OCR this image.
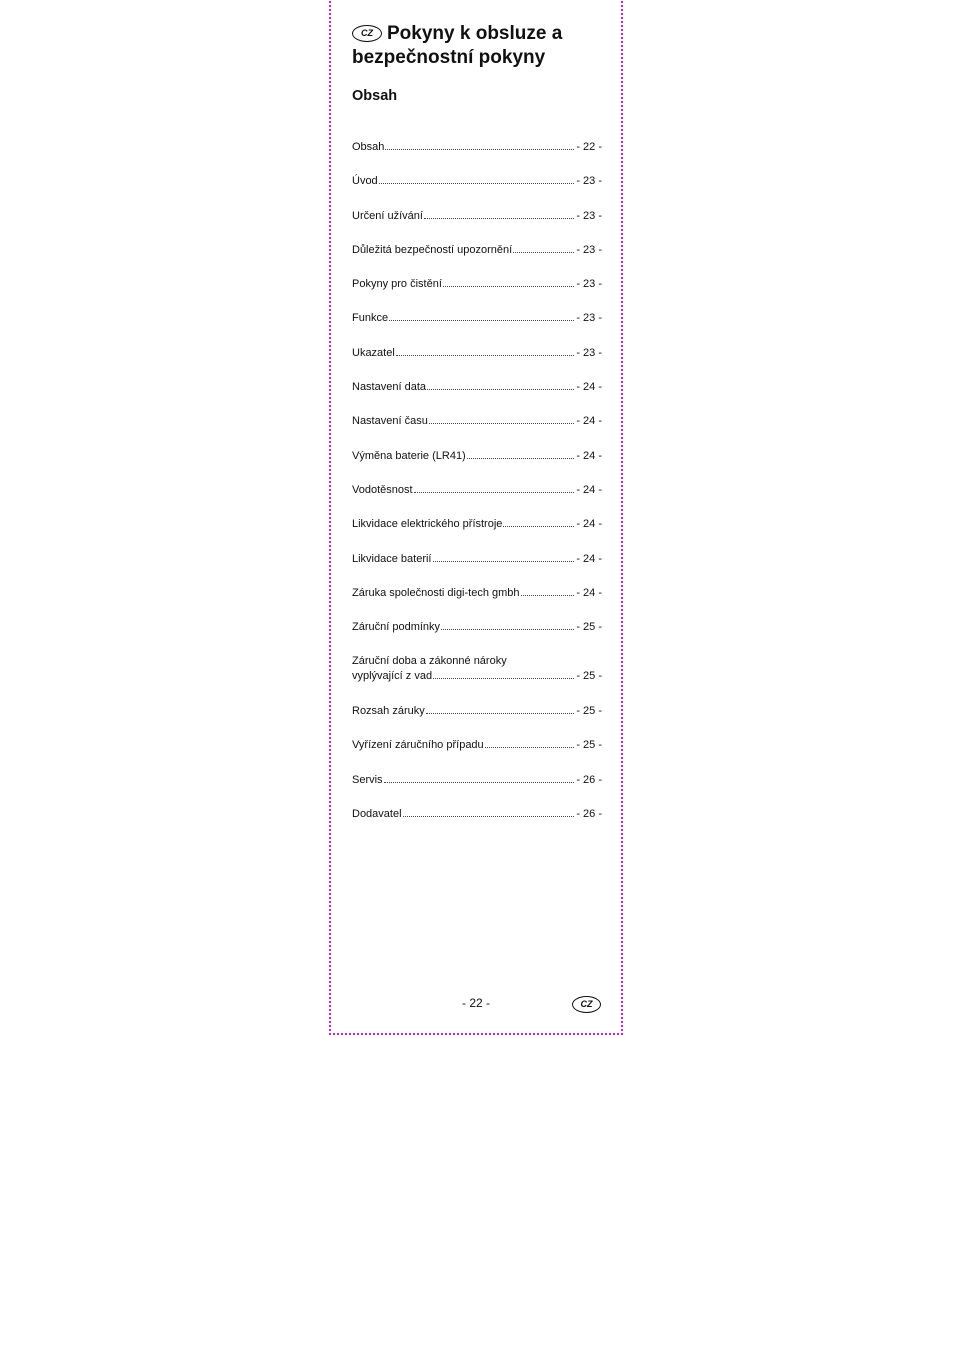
CZ Pokyny k obsluze a bezpečnostní pokyny
Obsah
Obsah	- 22 -
Úvod	- 23 -
Určení užívání	- 23 -
Důležitá bezpečností upozornění	- 23 -
Pokyny pro čistění	- 23 -
Funkce	- 23 -
Ukazatel	- 23 -
Nastavení data	- 24 -
Nastavení času	- 24 -
Výměna baterie (LR41)	- 24 -
Vodotěsnost	- 24 -
Likvidace elektrického přístroje	- 24 -
Likvidace baterií	- 24 -
Záruka společnosti digi-tech gmbh	- 24 -
Záruční podmínky	- 25 -
Záruční doba a zákonné nároky
vyplývající z vad	- 25 -
Rozsah záruky	- 25 -
Vyřízení záručního případu	- 25 -
Servis	- 26 -
Dodavatel	- 26 -
- 22 -	CZ
